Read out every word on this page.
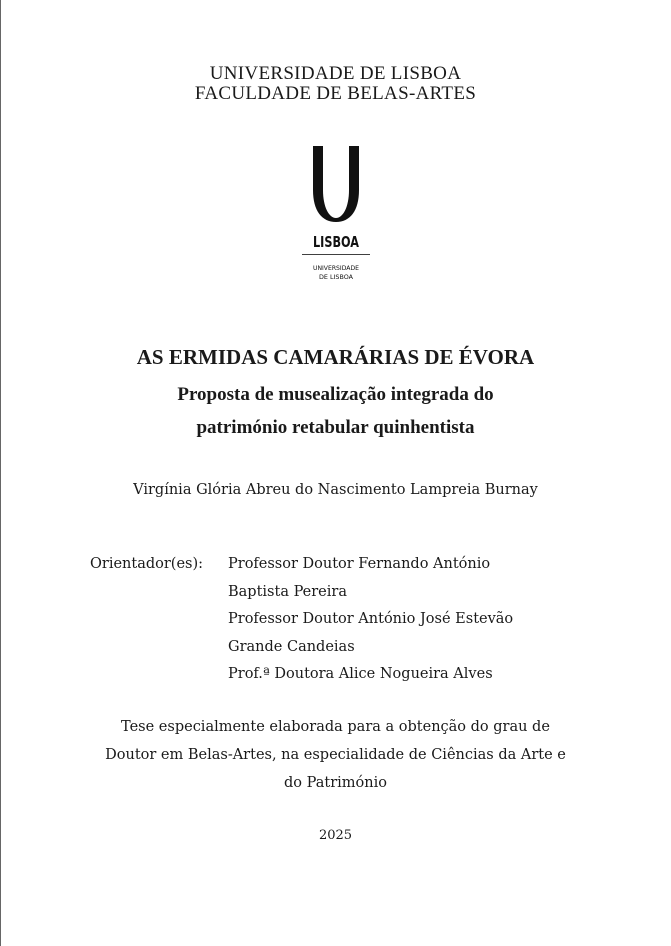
UNIVERSIDADE DE LISBOA
FACULDADE DE BELAS-ARTES
LISBOA
UNIVERSIDADE
DE LISBOA
AS ERMIDAS CAMARÁRIAS DE ÉVORA
Proposta de musealização integrada do
património retabular quinhentista
Virgínia Glória Abreu do Nascimento Lampreia Burnay
Orientador(es): Professor Doutor Fernando António
Baptista Pereira
Professor Doutor António José Estevão
Grande Candeias
Prof.ª Doutora Alice Nogueira Alves
Tese especialmente elaborada para a obtenção do grau de
Doutor em Belas-Artes, na especialidade de Ciências da Arte e
do Património
2025
